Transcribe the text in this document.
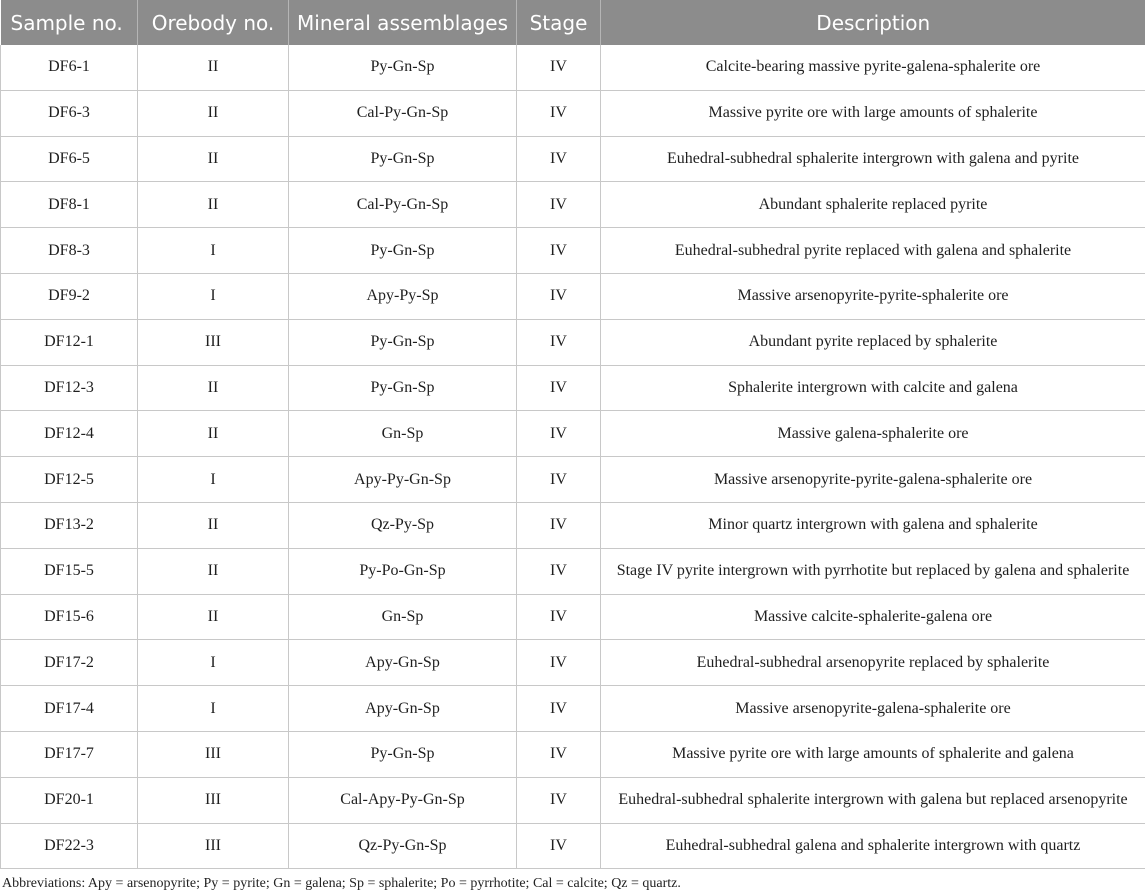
Sample no.	Orebody no.	Mineral assemblages	Stage	Description
DF6-1	II	Py-Gn-Sp	IV	Calcite-bearing massive pyrite-galena-sphalerite ore
DF6-3	II	Cal-Py-Gn-Sp	IV	Massive pyrite ore with large amounts of sphalerite
DF6-5	II	Py-Gn-Sp	IV	Euhedral-subhedral sphalerite intergrown with galena and pyrite
DF8-1	II	Cal-Py-Gn-Sp	IV	Abundant sphalerite replaced pyrite
DF8-3	I	Py-Gn-Sp	IV	Euhedral-subhedral pyrite replaced with galena and sphalerite
DF9-2	I	Apy-Py-Sp	IV	Massive arsenopyrite-pyrite-sphalerite ore
DF12-1	III	Py-Gn-Sp	IV	Abundant pyrite replaced by sphalerite
DF12-3	II	Py-Gn-Sp	IV	Sphalerite intergrown with calcite and galena
DF12-4	II	Gn-Sp	IV	Massive galena-sphalerite ore
DF12-5	I	Apy-Py-Gn-Sp	IV	Massive arsenopyrite-pyrite-galena-sphalerite ore
DF13-2	II	Qz-Py-Sp	IV	Minor quartz intergrown with galena and sphalerite
DF15-5	II	Py-Po-Gn-Sp	IV	Stage IV pyrite intergrown with pyrrhotite but replaced by galena and sphalerite
DF15-6	II	Gn-Sp	IV	Massive calcite-sphalerite-galena ore
DF17-2	I	Apy-Gn-Sp	IV	Euhedral-subhedral arsenopyrite replaced by sphalerite
DF17-4	I	Apy-Gn-Sp	IV	Massive arsenopyrite-galena-sphalerite ore
DF17-7	III	Py-Gn-Sp	IV	Massive pyrite ore with large amounts of sphalerite and galena
DF20-1	III	Cal-Apy-Py-Gn-Sp	IV	Euhedral-subhedral sphalerite intergrown with galena but replaced arsenopyrite
DF22-3	III	Qz-Py-Gn-Sp	IV	Euhedral-subhedral galena and sphalerite intergrown with quartz
Abbreviations: Apy = arsenopyrite; Py = pyrite; Gn = galena; Sp = sphalerite; Po = pyrrhotite; Cal = calcite; Qz = quartz.
